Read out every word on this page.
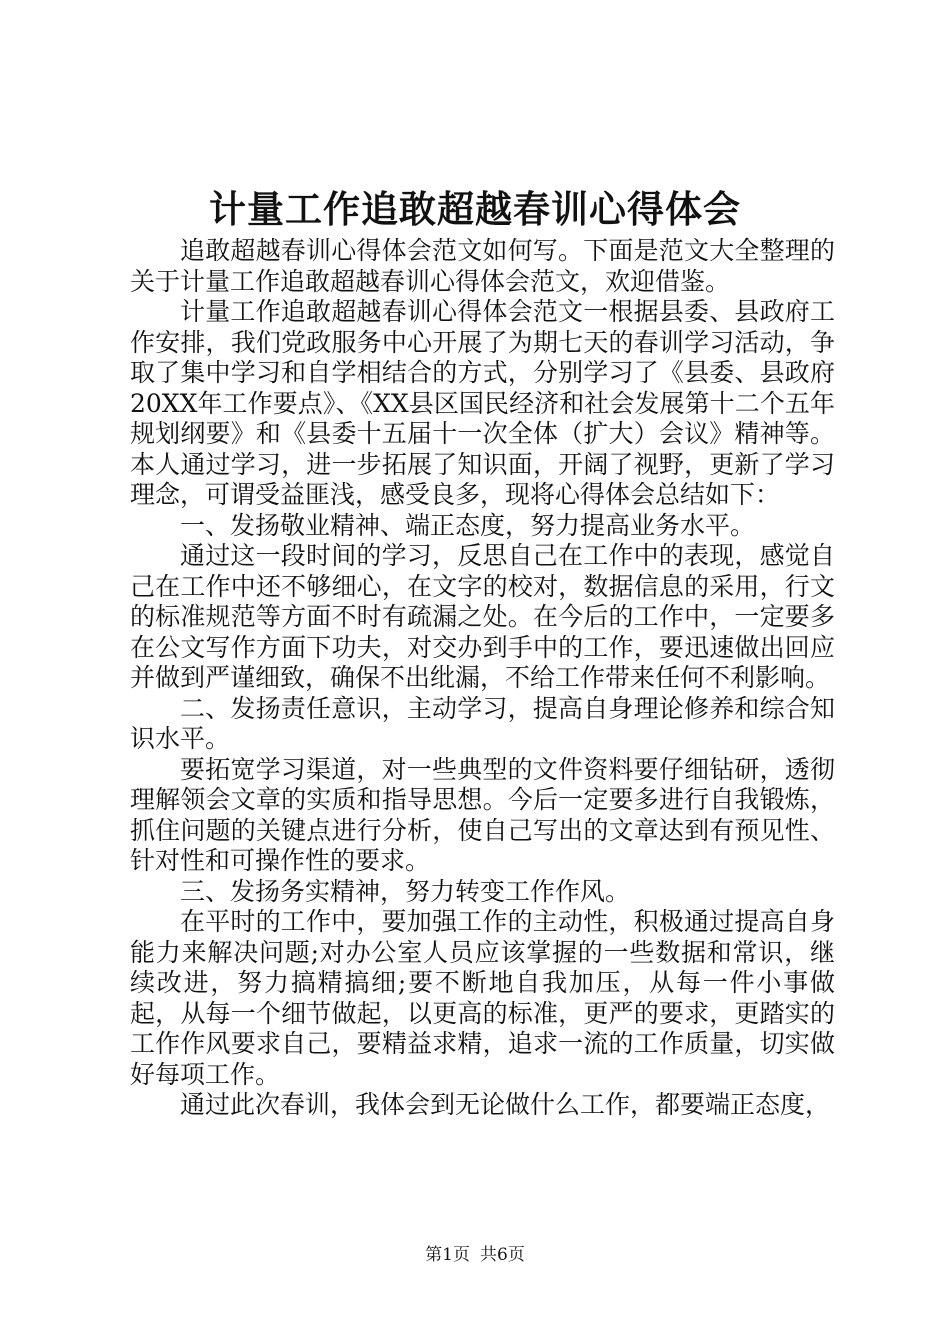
计量工作追敢超越春训心得体会

追敢超越春训心得体会范文如何写。下面是范文大全整理的关于计量工作追敢超越春训心得体会范文，欢迎借鉴。

计量工作追敢超越春训心得体会范文一根据县委、县政府工作安排，我们党政服务中心开展了为期七天的春训学习活动，争取了集中学习和自学相结合的方式，分别学习了《县委、县政府20XX年工作要点》、《XX县区国民经济和社会发展第十二个五年规划纲要》和《县委十五届十一次全体（扩大）会议》精神等。本人通过学习，进一步拓展了知识面，开阔了视野，更新了学习理念，可谓受益匪浅，感受良多，现将心得体会总结如下：

一、发扬敬业精神、端正态度，努力提高业务水平。

通过这一段时间的学习，反思自己在工作中的表现，感觉自己在工作中还不够细心，在文字的校对，数据信息的采用，行文的标准规范等方面不时有疏漏之处。在今后的工作中，一定要多在公文写作方面下功夫，对交办到手中的工作，要迅速做出回应并做到严谨细致，确保不出纰漏，不给工作带来任何不利影响。

二、发扬责任意识，主动学习，提高自身理论修养和综合知识水平。

要拓宽学习渠道，对一些典型的文件资料要仔细钻研，透彻理解领会文章的实质和指导思想。今后一定要多进行自我锻炼，抓住问题的关键点进行分析，使自己写出的文章达到有预见性、针对性和可操作性的要求。

三、发扬务实精神，努力转变工作作风。

在平时的工作中，要加强工作的主动性，积极通过提高自身能力来解决问题;对办公室人员应该掌握的一些数据和常识，继续改进，努力搞精搞细;要不断地自我加压，从每一件小事做起，从每一个细节做起，以更高的标准，更严的要求，更踏实的工作作风要求自己，要精益求精，追求一流的工作质量，切实做好每项工作。

通过此次春训，我体会到无论做什么工作，都要端正态度，

第1页 共6页
